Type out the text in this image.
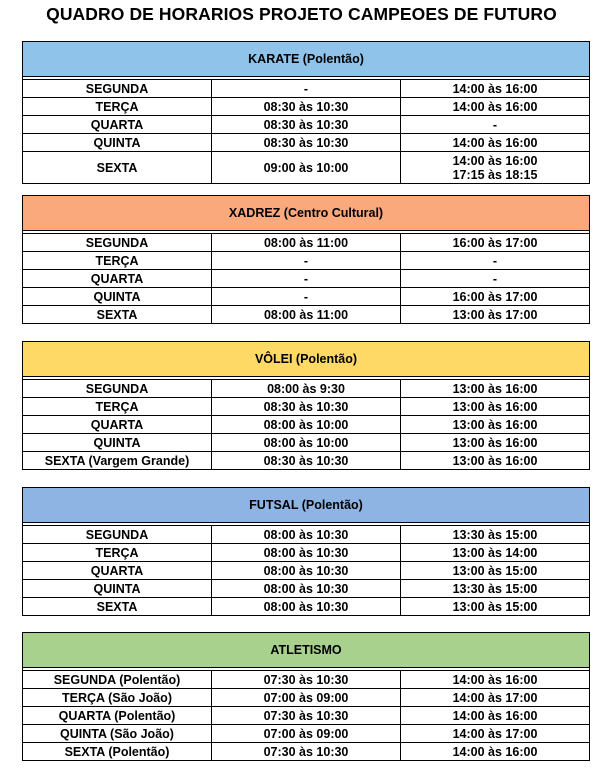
QUADRO DE HORARIOS PROJETO CAMPEOES DE FUTURO
KARATE (Polentão)		

SEGUNDA	-	14:00 às 16:00

TERÇA	08:30 às 10:30	14:00 às 16:00

QUARTA	08:30 às 10:30	-

QUINTA	08:30 às 10:30	14:00 às 16:00

SEXTA	09:00 às 10:00	14:00 às 16:00
17:15 às 18:15
XADREZ (Centro Cultural)		

SEGUNDA	08:00 às 11:00	16:00 às 17:00

TERÇA	-	-

QUARTA	-	-

QUINTA	-	16:00 às 17:00

SEXTA	08:00 às 11:00	13:00 às 17:00
VÔLEI (Polentão)		

SEGUNDA	08:00 às 9:30	13:00 às 16:00

TERÇA	08:30 às 10:30	13:00 às 16:00

QUARTA	08:00 às 10:00	13:00 às 16:00

QUINTA	08:00 às 10:00	13:00 às 16:00

SEXTA (Vargem Grande)	08:30 às 10:30	13:00 às 16:00
FUTSAL (Polentão)		

SEGUNDA	08:00 às 10:30	13:30 às 15:00

TERÇA	08:00 às 10:30	13:00 às 14:00

QUARTA	08:00 às 10:30	13:00 às 15:00

QUINTA	08:00 às 10:30	13:30 às 15:00

SEXTA	08:00 às 10:30	13:00 às 15:00
ATLETISMO		

SEGUNDA (Polentão)	07:30 às 10:30	14:00 às 16:00

TERÇA (São João)	07:00 às 09:00	14:00 às 17:00

QUARTA (Polentão)	07:30 às 10:30	14:00 às 16:00

QUINTA (São João)	07:00 às 09:00	14:00 às 17:00

SEXTA (Polentão)	07:30 às 10:30	14:00 às 16:00
